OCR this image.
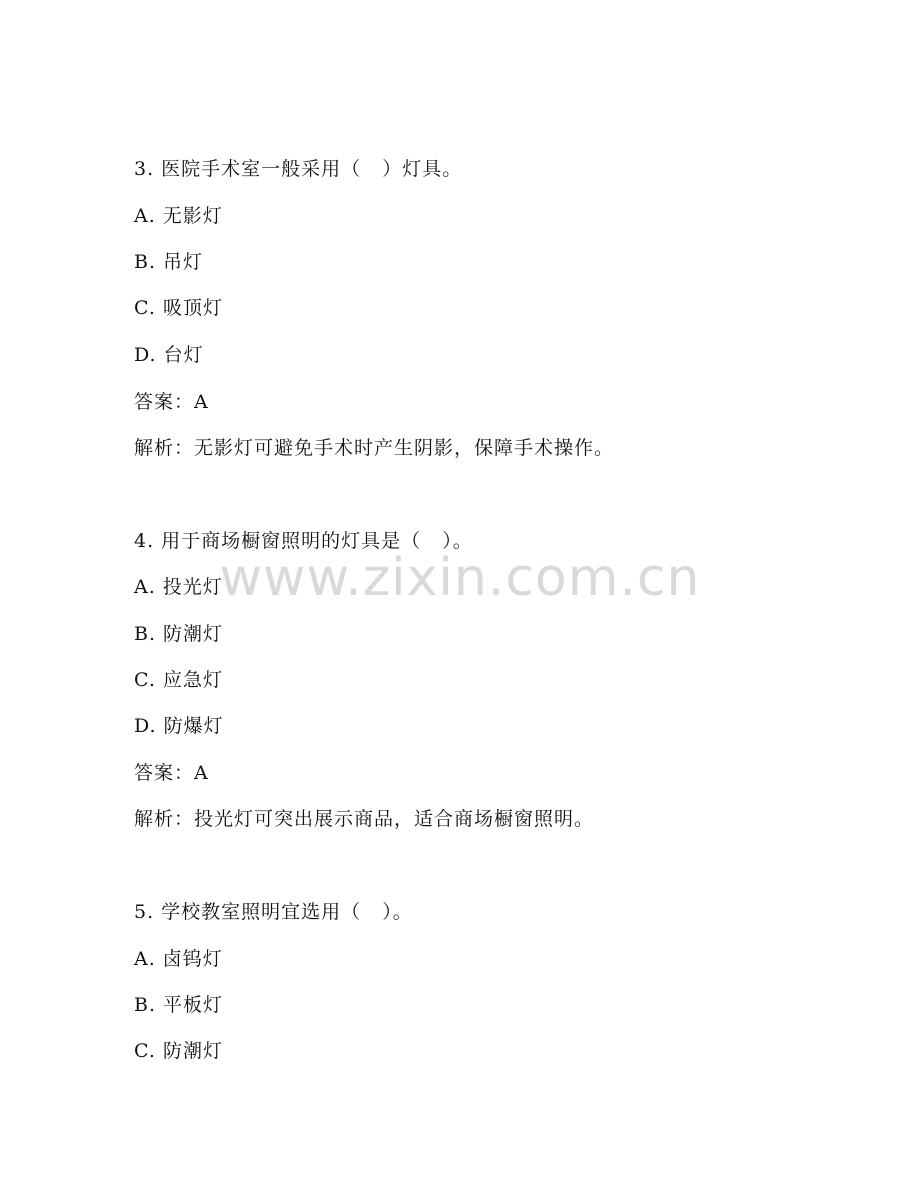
www.zixin.com.cn
3. 医院手术室一般采用（   ）灯具。
A. 无影灯
B. 吊灯
C. 吸顶灯
D. 台灯
答案：A
解析：无影灯可避免手术时产生阴影，保障手术操作。
4. 用于商场橱窗照明的灯具是（   ）。
A. 投光灯
B. 防潮灯
C. 应急灯
D. 防爆灯
答案：A
解析：投光灯可突出展示商品，适合商场橱窗照明。
5. 学校教室照明宜选用（   ）。
A. 卤钨灯
B. 平板灯
C. 防潮灯
